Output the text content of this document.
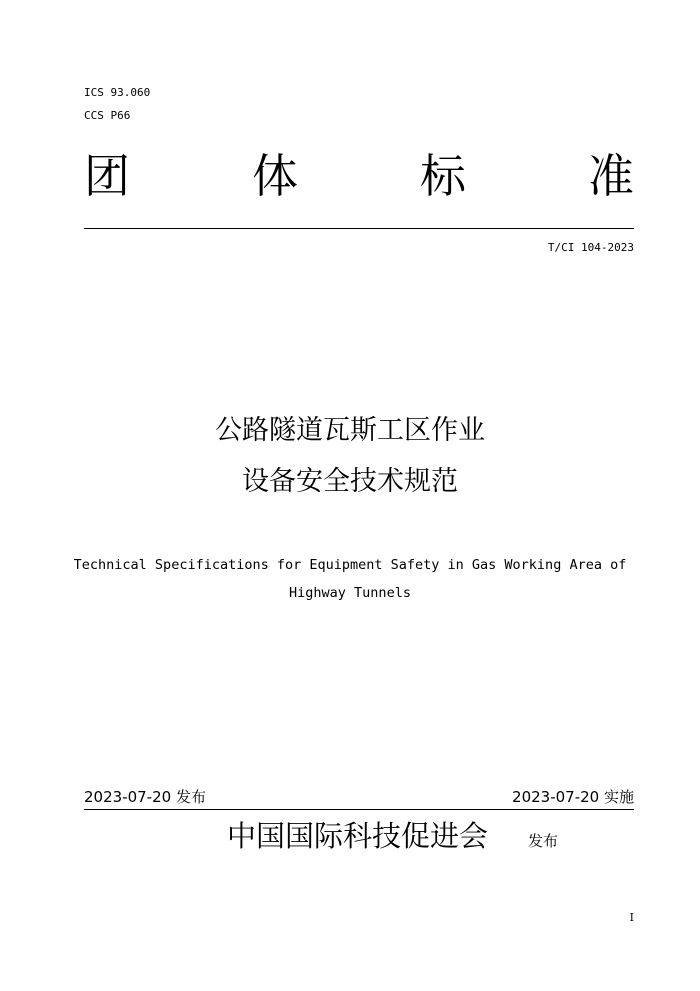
ICS 93.060
CCS P66
团	体	标	准
T/CI 104-2023
公路隧道瓦斯工区作业
设备安全技术规范
Technical Specifications for Equipment Safety in Gas Working Area of
Highway Tunnels
2023-07-20 发布	2023-07-20 实施
中国国际科技促进会	发布
I
